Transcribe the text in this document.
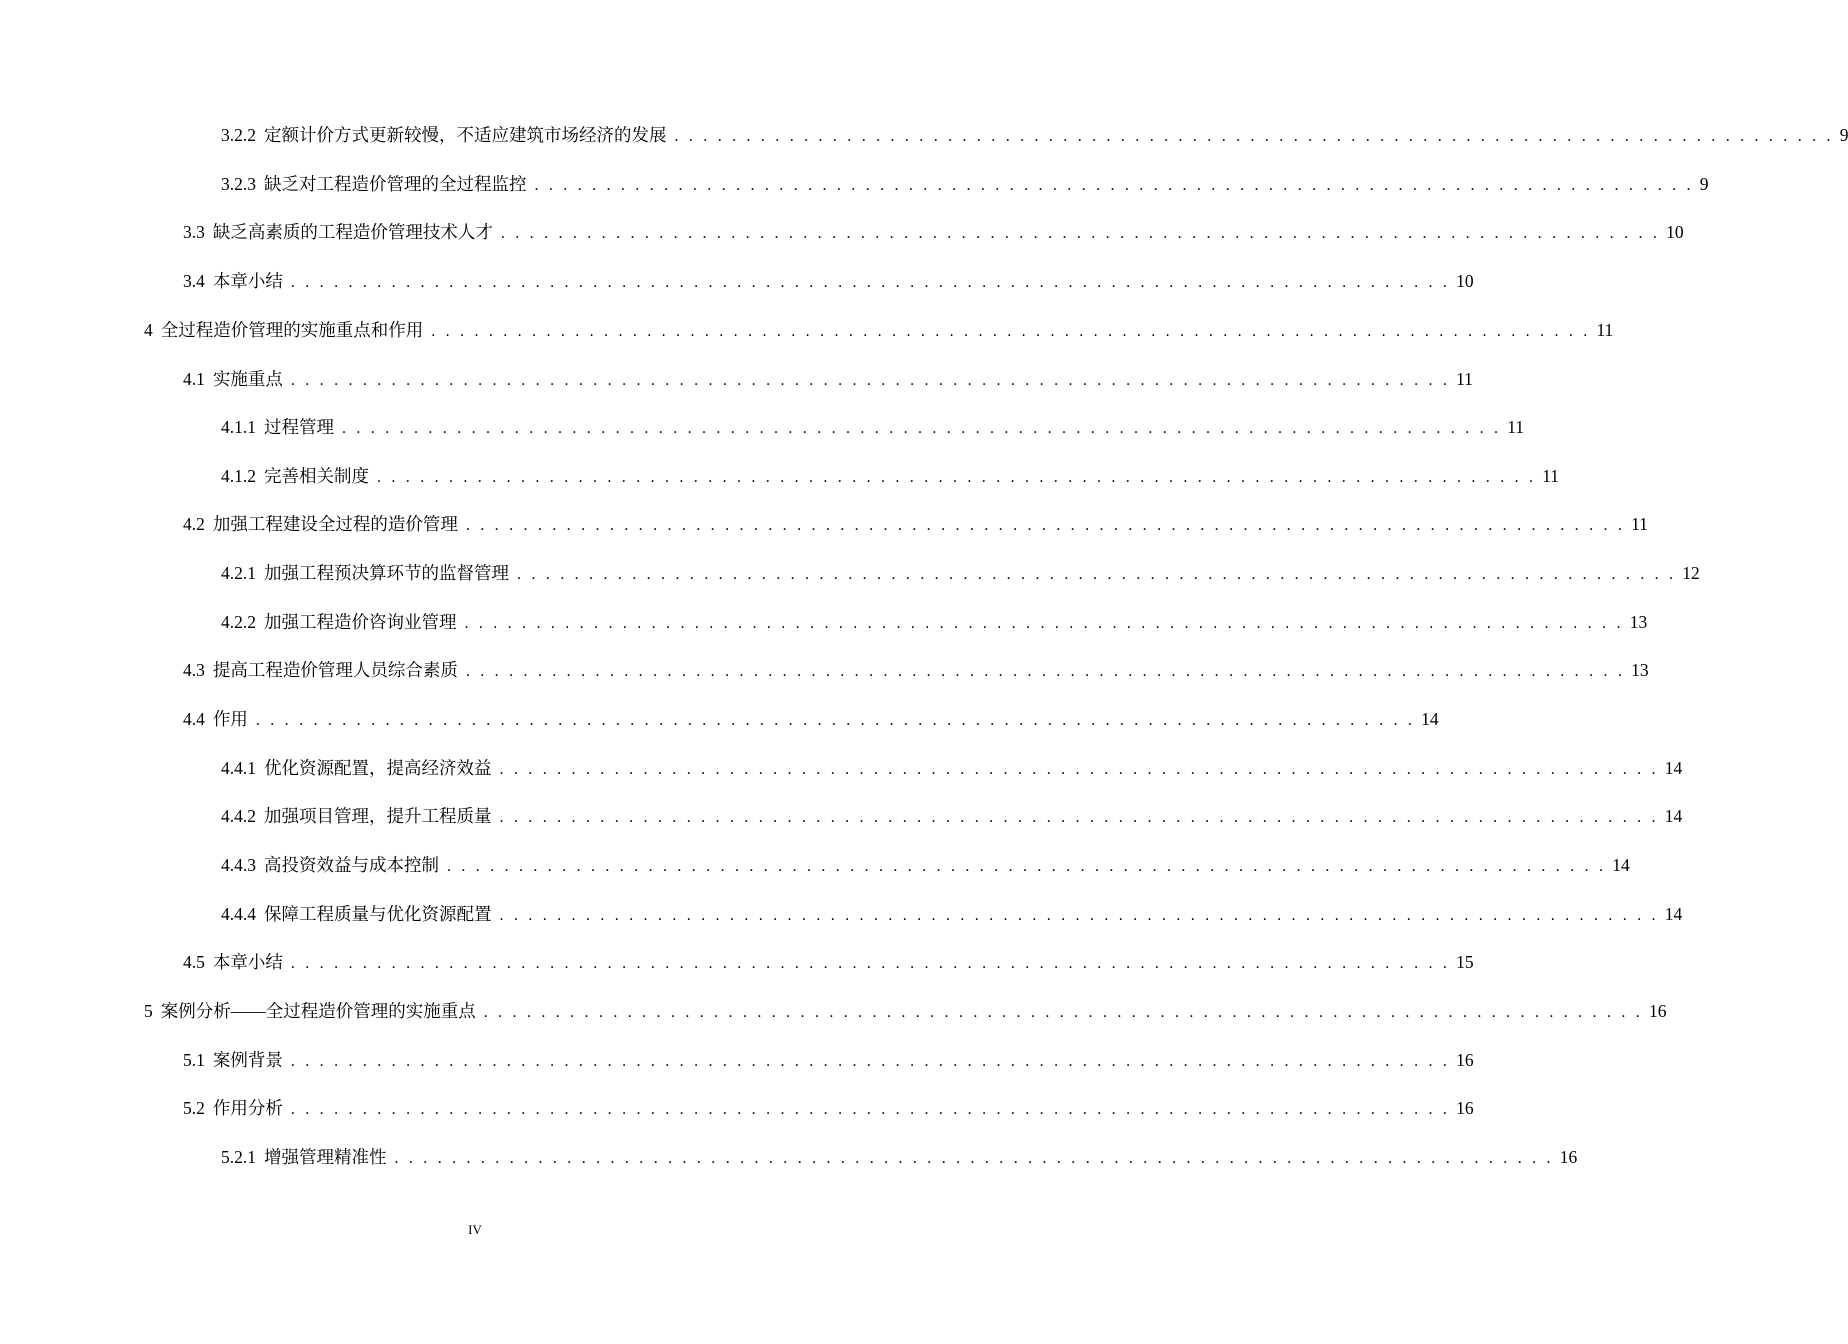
3.2.2 定额计价方式更新较慢，不适应建筑市场经济的发展 . . . . . . . . . . . . . . . . . . . . . . . . . . . . . . . . . . . . . . . . . . . . . . . . . . . . . . . . . . . . . . . . . . . . . . . . . . . . . . . . . 9
3.2.3 缺乏对工程造价管理的全过程监控 . . . . . . . . . . . . . . . . . . . . . . . . . . . . . . . . . . . . . . . . . . . . . . . . . . . . . . . . . . . . . . . . . . . . . . . . . . . . . . . . . 9
3.3 缺乏高素质的工程造价管理技术人才 . . . . . . . . . . . . . . . . . . . . . . . . . . . . . . . . . . . . . . . . . . . . . . . . . . . . . . . . . . . . . . . . . . . . . . . . . . . . . . . . . 10
3.4 本章小结 . . . . . . . . . . . . . . . . . . . . . . . . . . . . . . . . . . . . . . . . . . . . . . . . . . . . . . . . . . . . . . . . . . . . . . . . . . . . . . . . . 10
4 全过程造价管理的实施重点和作用 . . . . . . . . . . . . . . . . . . . . . . . . . . . . . . . . . . . . . . . . . . . . . . . . . . . . . . . . . . . . . . . . . . . . . . . . . . . . . . . . . 11
4.1 实施重点 . . . . . . . . . . . . . . . . . . . . . . . . . . . . . . . . . . . . . . . . . . . . . . . . . . . . . . . . . . . . . . . . . . . . . . . . . . . . . . . . . 11
4.1.1 过程管理 . . . . . . . . . . . . . . . . . . . . . . . . . . . . . . . . . . . . . . . . . . . . . . . . . . . . . . . . . . . . . . . . . . . . . . . . . . . . . . . . . 11
4.1.2 完善相关制度 . . . . . . . . . . . . . . . . . . . . . . . . . . . . . . . . . . . . . . . . . . . . . . . . . . . . . . . . . . . . . . . . . . . . . . . . . . . . . . . . . 11
4.2 加强工程建设全过程的造价管理 . . . . . . . . . . . . . . . . . . . . . . . . . . . . . . . . . . . . . . . . . . . . . . . . . . . . . . . . . . . . . . . . . . . . . . . . . . . . . . . . . 11
4.2.1 加强工程预决算环节的监督管理 . . . . . . . . . . . . . . . . . . . . . . . . . . . . . . . . . . . . . . . . . . . . . . . . . . . . . . . . . . . . . . . . . . . . . . . . . . . . . . . . . 12
4.2.2 加强工程造价咨询业管理 . . . . . . . . . . . . . . . . . . . . . . . . . . . . . . . . . . . . . . . . . . . . . . . . . . . . . . . . . . . . . . . . . . . . . . . . . . . . . . . . . 13
4.3 提高工程造价管理人员综合素质 . . . . . . . . . . . . . . . . . . . . . . . . . . . . . . . . . . . . . . . . . . . . . . . . . . . . . . . . . . . . . . . . . . . . . . . . . . . . . . . . . 13
4.4 作用 . . . . . . . . . . . . . . . . . . . . . . . . . . . . . . . . . . . . . . . . . . . . . . . . . . . . . . . . . . . . . . . . . . . . . . . . . . . . . . . . . 14
4.4.1 优化资源配置，提高经济效益 . . . . . . . . . . . . . . . . . . . . . . . . . . . . . . . . . . . . . . . . . . . . . . . . . . . . . . . . . . . . . . . . . . . . . . . . . . . . . . . . . 14
4.4.2 加强项目管理，提升工程质量 . . . . . . . . . . . . . . . . . . . . . . . . . . . . . . . . . . . . . . . . . . . . . . . . . . . . . . . . . . . . . . . . . . . . . . . . . . . . . . . . . 14
4.4.3 高投资效益与成本控制 . . . . . . . . . . . . . . . . . . . . . . . . . . . . . . . . . . . . . . . . . . . . . . . . . . . . . . . . . . . . . . . . . . . . . . . . . . . . . . . . . 14
4.4.4 保障工程质量与优化资源配置 . . . . . . . . . . . . . . . . . . . . . . . . . . . . . . . . . . . . . . . . . . . . . . . . . . . . . . . . . . . . . . . . . . . . . . . . . . . . . . . . . 14
4.5 本章小结 . . . . . . . . . . . . . . . . . . . . . . . . . . . . . . . . . . . . . . . . . . . . . . . . . . . . . . . . . . . . . . . . . . . . . . . . . . . . . . . . . 15
5 案例分析——全过程造价管理的实施重点 . . . . . . . . . . . . . . . . . . . . . . . . . . . . . . . . . . . . . . . . . . . . . . . . . . . . . . . . . . . . . . . . . . . . . . . . . . . . . . . . . 16
5.1 案例背景 . . . . . . . . . . . . . . . . . . . . . . . . . . . . . . . . . . . . . . . . . . . . . . . . . . . . . . . . . . . . . . . . . . . . . . . . . . . . . . . . . 16
5.2 作用分析 . . . . . . . . . . . . . . . . . . . . . . . . . . . . . . . . . . . . . . . . . . . . . . . . . . . . . . . . . . . . . . . . . . . . . . . . . . . . . . . . . 16
5.2.1 增强管理精准性 . . . . . . . . . . . . . . . . . . . . . . . . . . . . . . . . . . . . . . . . . . . . . . . . . . . . . . . . . . . . . . . . . . . . . . . . . . . . . . . . . 16
IV
